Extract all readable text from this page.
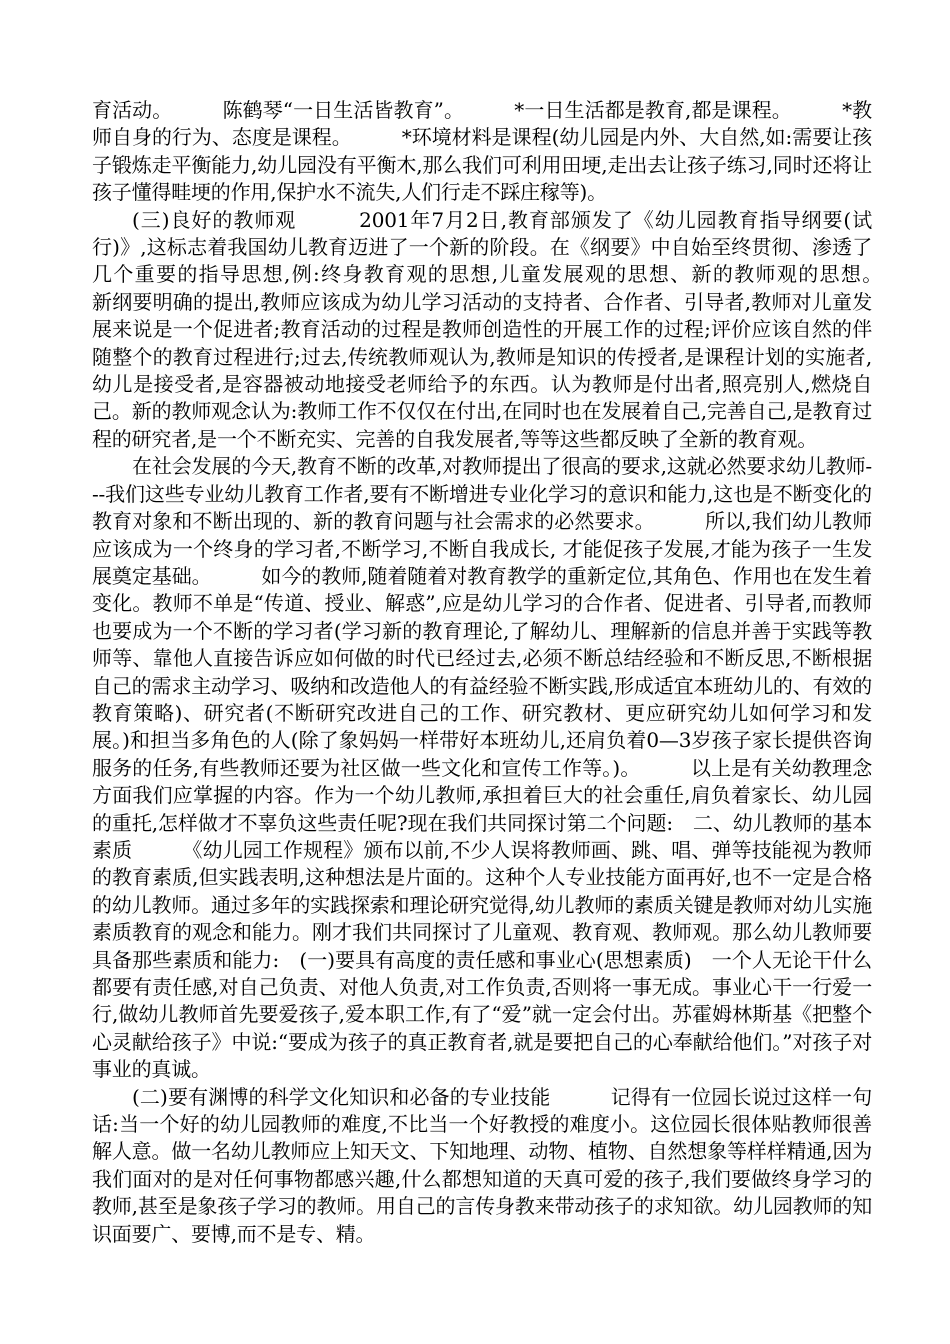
育活动。　　　陈鹤琴“一日生活皆教育”。　　　*一日生活都是教育,都是课程。　　　*教师自身的行为、态度是课程。　　　*环境材料是课程(幼儿园是内外、大自然,如:需要让孩子锻炼走平衡能力,幼儿园没有平衡木,那么我们可利用田埂,走出去让孩子练习,同时还将让孩子懂得畦埂的作用,保护水不流失,人们行走不踩庄稼等)。

(三)良好的教师观　　　2001年7月2日,教育部颁发了《幼儿园教育指导纲要(试行)》,这标志着我国幼儿教育迈进了一个新的阶段。在《纲要》中自始至终贯彻、渗透了几个重要的指导思想,例:终身教育观的思想,儿童发展观的思想、新的教师观的思想。　　　新纲要明确的提出,教师应该成为幼儿学习活动的支持者、合作者、引导者,教师对儿童发展来说是一个促进者;教育活动的过程是教师创造性的开展工作的过程;评价应该自然的伴随整个的教育过程进行;过去,传统教师观认为,教师是知识的传授者,是课程计划的实施者,幼儿是接受者,是容器被动地接受老师给予的东西。认为教师是付出者,照亮别人,燃烧自己。新的教师观念认为:教师工作不仅仅在付出,在同时也在发展着自己,完善自己,是教育过程的研究者,是一个不断充实、完善的自我发展者,等等这些都反映了全新的教育观。

在社会发展的今天,教育不断的改革,对教师提出了很高的要求,这就必然要求幼儿教师---我们这些专业幼儿教育工作者,要有不断增进专业化学习的意识和能力,这也是不断变化的教育对象和不断出现的、新的教育问题与社会需求的必然要求。　　　所以,我们幼儿教师应该成为一个终身的学习者,不断学习,不断自我成长, 才能促孩子发展,才能为孩子一生发展奠定基础。　　　如今的教师,随着随着对教育教学的重新定位,其角色、作用也在发生着变化。教师不单是“传道、授业、解惑”,应是幼儿学习的合作者、促进者、引导者,而教师也要成为一个不断的学习者(学习新的教育理论,了解幼儿、理解新的信息并善于实践等教师等、靠他人直接告诉应如何做的时代已经过去,必须不断总结经验和不断反思,不断根据自己的需求主动学习、吸纳和改造他人的有益经验不断实践,形成适宜本班幼儿的、有效的教育策略)、研究者(不断研究改进自己的工作、研究教材、更应研究幼儿如何学习和发展。)和担当多角色的人(除了象妈妈一样带好本班幼儿,还肩负着0—3岁孩子家长提供咨询服务的任务,有些教师还要为社区做一些文化和宣传工作等。)。　　　以上是有关幼教理念方面我们应掌握的内容。作为一个幼儿教师,承担着巨大的社会重任,肩负着家长、幼儿园的重托,怎样做才不辜负这些责任呢?现在我们共同探讨第二个问题:　二、幼儿教师的基本素质　　　《幼儿园工作规程》颁布以前,不少人误将教师画、跳、唱、弹等技能视为教师的教育素质,但实践表明,这种想法是片面的。这种个人专业技能方面再好,也不一定是合格的幼儿教师。通过多年的实践探索和理论研究觉得,幼儿教师的素质关键是教师对幼儿实施素质教育的观念和能力。刚才我们共同探讨了儿童观、教育观、教师观。那么幼儿教师要具备那些素质和能力:　(一)要具有高度的责任感和事业心(思想素质)　一个人无论干什么都要有责任感,对自己负责、对他人负责,对工作负责,否则将一事无成。事业心干一行爱一行,做幼儿教师首先要爱孩子,爱本职工作,有了“爱”就一定会付出。苏霍姆林斯基《把整个心灵献给孩子》中说:“要成为孩子的真正教育者,就是要把自己的心奉献给他们。”对孩子对事业的真诚。

(二)要有渊博的科学文化知识和必备的专业技能　　　记得有一位园长说过这样一句话:当一个好的幼儿园教师的难度,不比当一个好教授的难度小。这位园长很体贴教师很善解人意。做一名幼儿教师应上知天文、下知地理、动物、植物、自然想象等样样精通,因为我们面对的是对任何事物都感兴趣,什么都想知道的天真可爱的孩子,我们要做终身学习的教师,甚至是象孩子学习的教师。用自己的言传身教来带动孩子的求知欲。幼儿园教师的知识面要广、要博,而不是专、精。
